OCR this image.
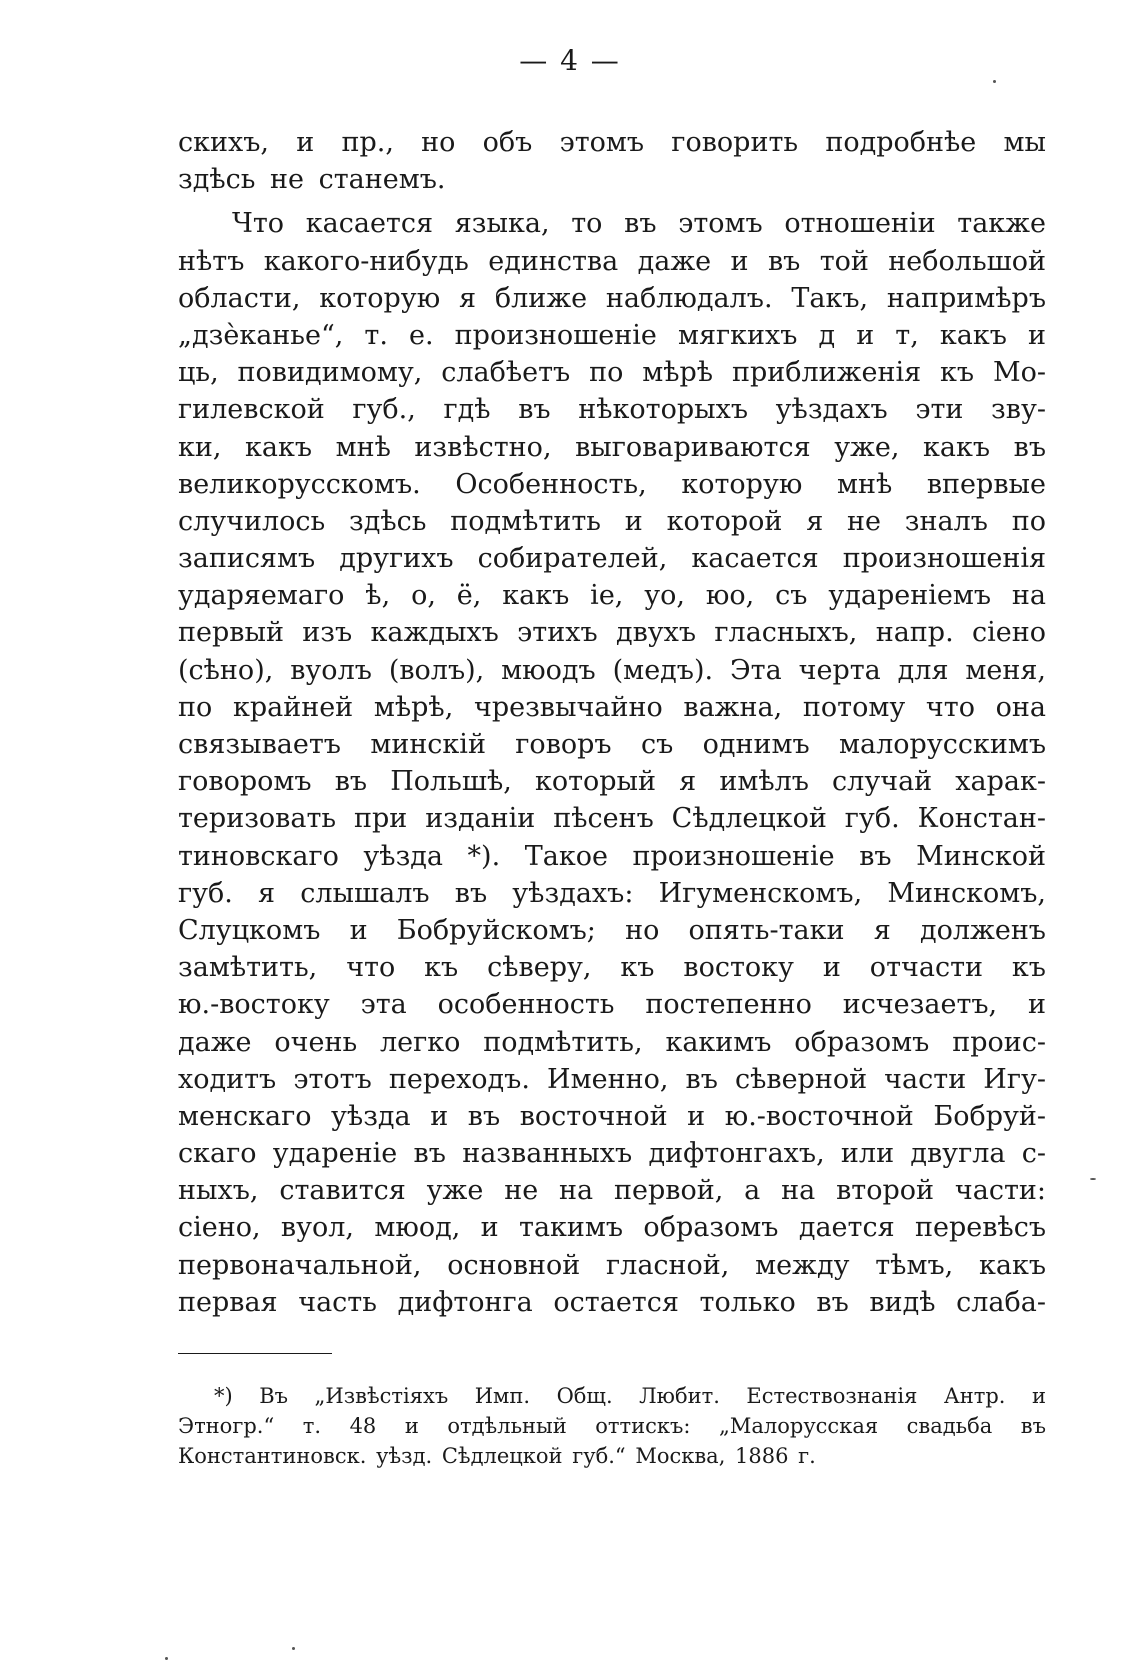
— 4 —
скихъ, и пр., но объ этомъ говорить подробнѣе мы
здѣсь не станемъ.
Что касается языка, то въ этомъ отношеніи также
нѣтъ какого-нибудь единства даже и въ той небольшой
области, которую я ближе наблюдалъ. Такъ, напримѣръ
„дзѐканье“, т. е. произношеніе мягкихъ д и т, какъ и
ць, повидимому, слабѣетъ по мѣрѣ приближенія къ Мо-
гилевской губ., гдѣ въ нѣкоторыхъ уѣздахъ эти зву-
ки, какъ мнѣ извѣстно, выговариваются уже, какъ въ
великорусскомъ. Особенность, которую мнѣ впервые
случилось здѣсь подмѣтить и которой я не зналъ по
записямъ другихъ собирателей, касается произношенія
ударяемаго ѣ, о, ё, какъ іе, уо, юо, съ удареніемъ на
первый изъ каждыхъ этихъ двухъ гласныхъ, напр. сіено
(сѣно), вуолъ (волъ), мюодъ (медъ). Эта черта для меня,
по крайней мѣрѣ, чрезвычайно важна, потому что она
связываетъ минскій говоръ съ однимъ малорусскимъ
говоромъ въ Польшѣ, который я имѣлъ случай харак-
теризовать при изданіи пѣсенъ Сѣдлецкой губ. Констан-
тиновскаго уѣзда *). Такое произношеніе въ Минской
губ. я слышалъ въ уѣздахъ: Игуменскомъ, Минскомъ,
Слуцкомъ и Бобруйскомъ; но опять-таки я долженъ
замѣтить, что къ сѣверу, къ востоку и отчасти къ
ю.-востоку эта особенность постепенно исчезаетъ, и
даже очень легко подмѣтить, какимъ образомъ проис-
ходитъ этотъ переходъ. Именно, въ сѣверной части Игу-
менскаго уѣзда и въ восточной и ю.-восточной Бобруй-
скаго удареніе въ названныхъ дифтонгахъ, или двугла с-
ныхъ, ставится уже не на первой, а на второй части:
сіено, вуол, мюод, и такимъ образомъ дается перевѣсъ
первоначальной, основной гласной, между тѣмъ, какъ
первая часть дифтонга остается только въ видѣ слаба-
*) Въ „Извѣстіяхъ Имп. Общ. Любит. Естествознанія Антр. и
Этногр.“ т. 48 и отдѣльный оттискъ: „Малорусская свадьба въ
Константиновск. уѣзд. Сѣдлецкой губ.“ Москва, 1886 г.
